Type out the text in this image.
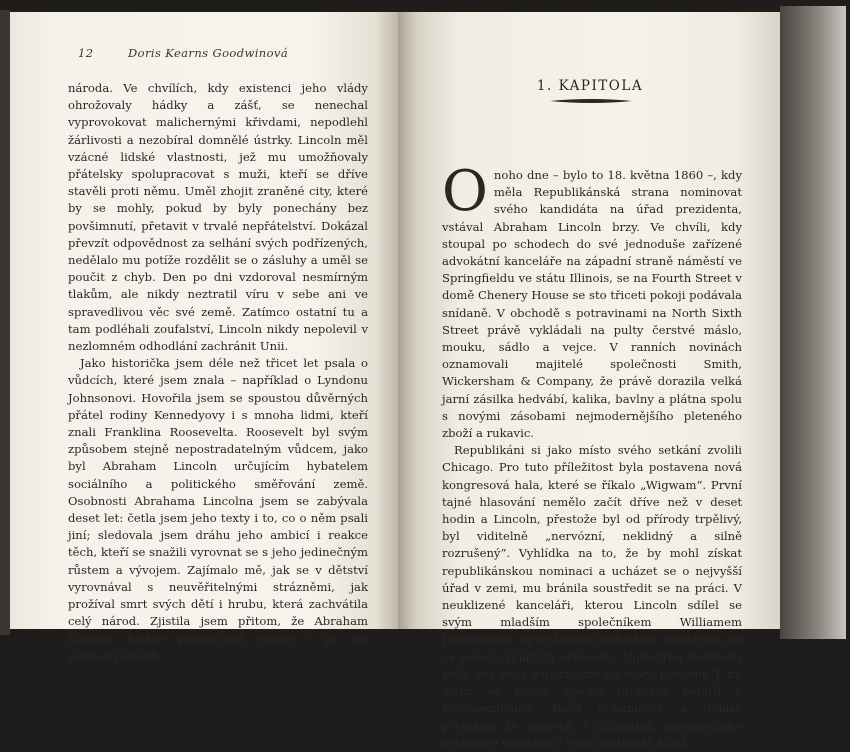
12	Doris Kearns Goodwinová

národa. Ve chvílích, kdy existenci jeho vlády ohrožovaly hádky a zášť, se nenechal vyprovokovat malichernými křivdami, nepodlehl žárlivosti a nezobíral domnělé ústrky. Lincoln měl vzácné lidské vlastnosti, jež mu umožňovaly přátelsky spolupracovat s muži, kteří se dříve stavěli proti němu. Uměl zhojit zraněné city, které by se mohly, pokud by byly ponechány bez povšimnutí, přetavit v trvalé nepřátelství. Dokázal převzít odpovědnost za selhání svých podřízených, nedělalo mu potíže rozdělit se o zásluhy a uměl se poučit z chyb. Den po dni vzdoroval nesmírným tlakům, ale nikdy neztratil víru v sebe ani ve spravedlivou věc své země. Zatímco ostatní tu a tam podléhali zoufalství, Lincoln nikdy nepolevil v nezlomném odhodlání zachránit Unii.

Jako historička jsem déle než třicet let psala o vůdcích, které jsem znala – například o Lyndonu Johnsonovi. Hovořila jsem se spoustou důvěrných přátel rodiny Kennedyovy i s mnoha lidmi, kteří znali Franklina Roosevelta. Roosevelt byl svým způsobem stejně nepostradatelným vůdcem, jako byl Abraham Lincoln určujícím hybatelem sociálního a politického směřování země. Osobnosti Abrahama Lincolna jsem se zabývala deset let: četla jsem jeho texty i to, co o něm psali jiní; sledovala jsem dráhu jeho ambicí i reakce těch, kteří se snažili vyrovnat se s jeho jedinečným růstem a vývojem. Zajímalo mě, jak se v dětství vyrovnával s neuvěřitelnými strázněmi, jak prožíval smrt svých dětí i hrubu, která zachvátila celý národ. Zjistila jsem přitom, že Abraham Lincoln dokáže podněcovat emoce i po stu padesáti letech.

1. KAPITOLA

Onoho dne – bylo to 18. května 1860 –, kdy měla Republikánská strana nominovat svého kandidáta na úřad prezidenta, vstával Abraham Lincoln brzy. Ve chvíli, kdy stoupal po schodech do své jednoduše zařízené advokátní kanceláře na západní straně náměstí ve Springfieldu ve státu Illinois, se na Fourth Street v domě Chenery House se sto třiceti pokoji podávala snídaně. V obchodě s potravinami na North Sixth Street právě vykládali na pulty čerstvé máslo, mouku, sádlo a vejce. V ranních novinách oznamovali majitelé společnosti Smith, Wickersham & Company, že právě dorazila velká jarní zásilka hedvábí, kalika, bavlny a plátna spolu s novými zásobami nejmodernějšího pleteného zboží a rukavic.

Republikáni si jako místo svého setkání zvolili Chicago. Pro tuto příležitost byla postavena nová kongresová hala, které se říkalo „Wigwam“. První tajné hlasování nemělo začít dříve než v deset hodin a Lincoln, přestože byl od přírody trpělivý, byl viditelně „nervózní, neklidný a silně rozrušený“. Vyhlídka na to, že by mohl získat republikánskou nominaci a ucházet se o nejvyšší úřad v zemi, mu bránila soustředit se na práci. V neuklizené kanceláři, kterou Lincoln sdílel se svým mladším společníkem Williamem Herndonem, by se leckdo nedokázal soustředit ani za méně vypjatých okolností. Uprostřed místnosti stály dva stoly uspořádané do tvaru písmene T, na nichž se kupily vysoké hromady papírů a korespondence. Další dokumenty a dopisy přetékaly ze zásuvek a přihrádek staromódního sekretáře stojícího v rohu místnosti. Když
